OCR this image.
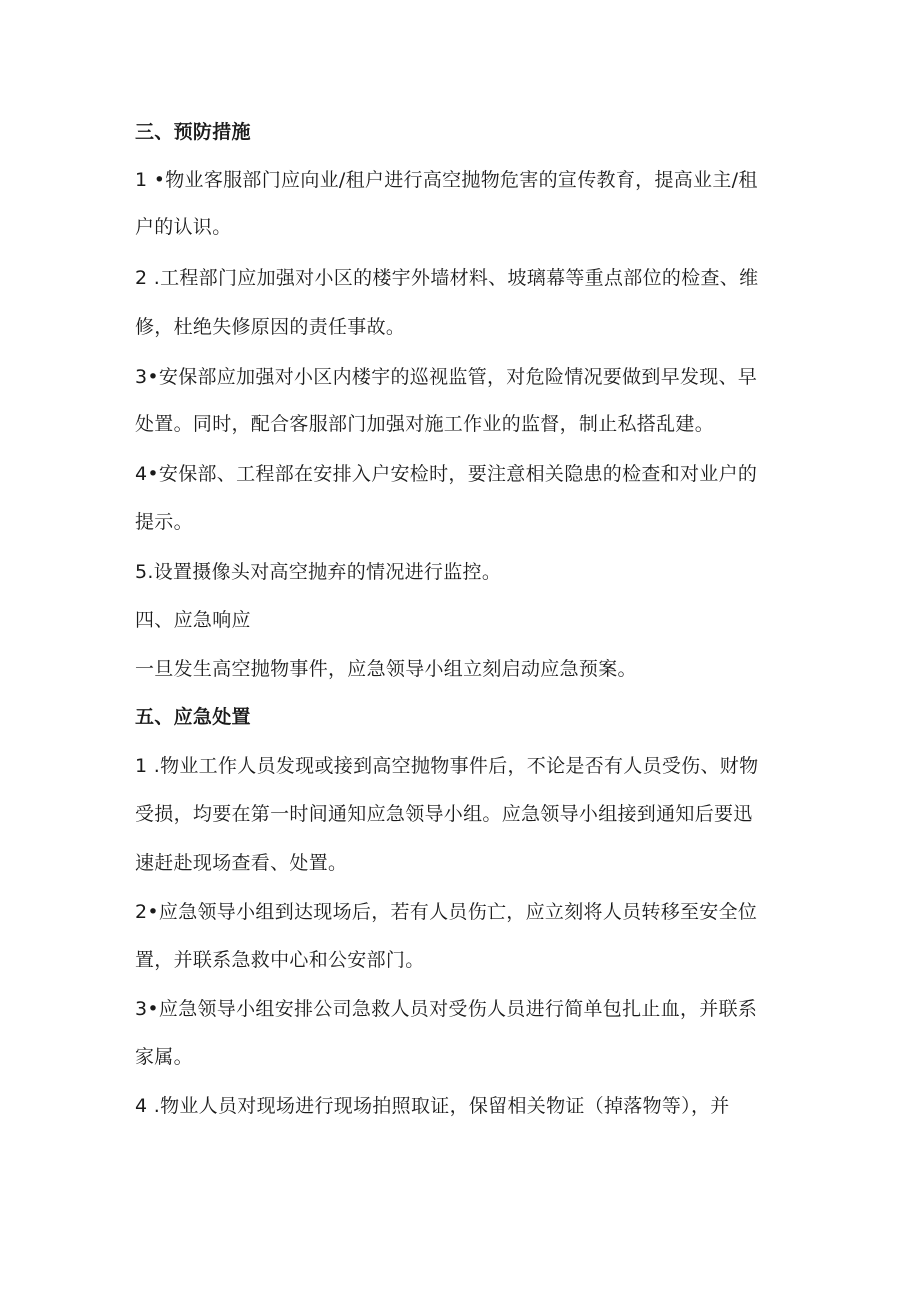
三、预防措施
1 •物业客服部门应向业/租户进行高空抛物危害的宣传教育，提高业主/租
户的认识。
2 .工程部门应加强对小区的楼宇外墙材料、坡璃幕等重点部位的检查、维
修，杜绝失修原因的责任事故。
3•安保部应加强对小区内楼宇的巡视监管，对危险情况要做到早发现、早
处置。同时，配合客服部门加强对施工作业的监督，制止私搭乱建。
4•安保部、工程部在安排入户安检时，要注意相关隐患的检查和对业户的
提示。
5.设置摄像头对高空抛弃的情况进行监控。
四、应急响应
一旦发生高空抛物事件，应急领导小组立刻启动应急预案。
五、应急处置
1 .物业工作人员发现或接到高空抛物事件后，不论是否有人员受伤、财物
受损，均要在第一时间通知应急领导小组。应急领导小组接到通知后要迅
速赶赴现场查看、处置。
2•应急领导小组到达现场后，若有人员伤亡，应立刻将人员转移至安全位
置，并联系急救中心和公安部门。
3•应急领导小组安排公司急救人员对受伤人员进行简单包扎止血，并联系
家属。
4 .物业人员对现场进行现场拍照取证，保留相关物证（掉落物等），并
